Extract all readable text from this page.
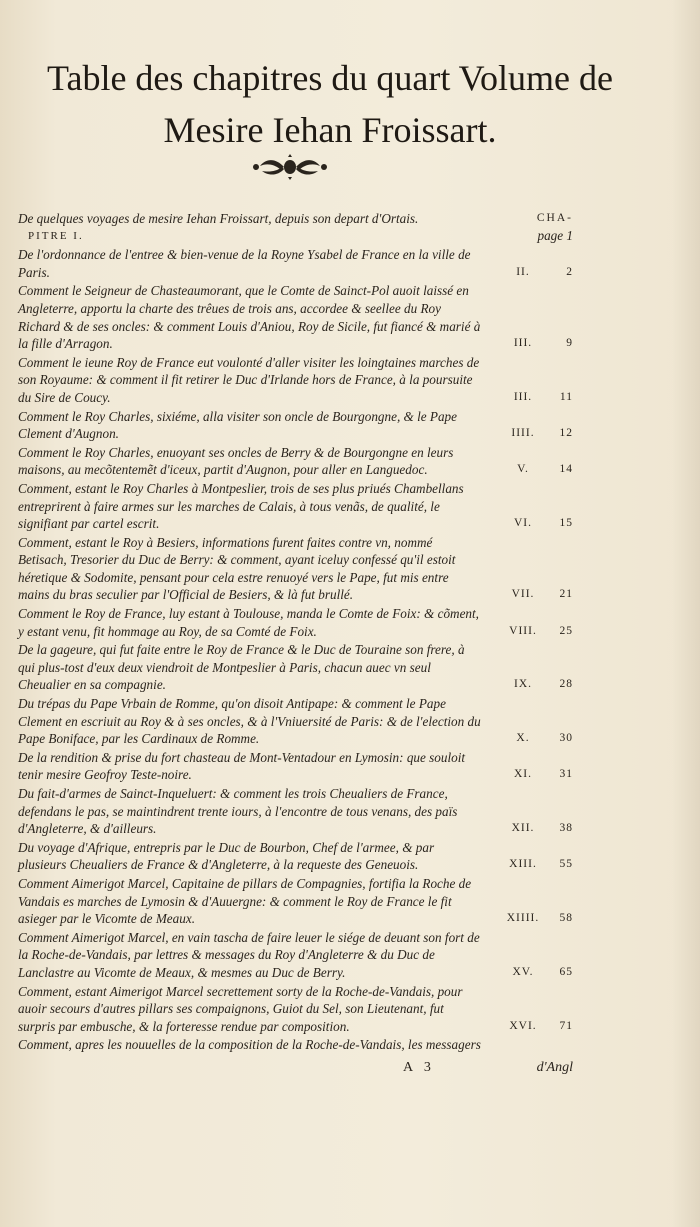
Table des chapitres du quart Volume de
Mesire Iehan Froissart.
De quelques voyages de mesire Iehan Froissart, depuis son depart d'Ortais.	CHA-
PITRE I.	page 1
De l'ordonnance de l'entree & bien-venue de la Royne Ysabel de France en la ville de Paris.	II.	2
Comment le Seigneur de Chasteaumorant, que le Comte de Sainct-Pol auoit laissé en Angleterre, apportu la charte des trêues de trois ans, accordee & seellee du Roy Richard & de ses oncles: & comment Louis d'Aniou, Roy de Sicile, fut fiancé & marié à la fille d'Arragon.	III.	9
Comment le ieune Roy de France eut voulonté d'aller visiter les loingtaines marches de son Royaume: & comment il fit retirer le Duc d'Irlande hors de France, à la poursuite du Sire de Coucy.	III. 11
Comment le Roy Charles, sixiéme, alla visiter son oncle de Bourgongne, & le Pape Clement d'Augnon.	IIII. 12
Comment le Roy Charles, enuoyant ses oncles de Berry & de Bourgongne en leurs maisons, au mecõtentemẽt d'iceux, partit d'Augnon, pour aller en Languedoc.	V.	14
Comment, estant le Roy Charles à Montpeslier, trois de ses plus priués Chambellans entreprirent à faire armes sur les marches de Calais, à tous venãs, de qualité, le signifiant par cartel escrit.	VI. 15
Comment, estant le Roy à Besiers, informations furent faites contre vn, nommé Betisach, Tresorier du Duc de Berry: & comment, ayant iceluy confessé qu'il estoit héretique & Sodomite, pensant pour cela estre renuoyé vers le Pape, fut mis entre mains du bras seculier par l'Official de Besiers, & là fut brullé.	VII. 21
Comment le Roy de France, luy estant à Toulouse, manda le Comte de Foix: & cõment, y estant venu, fit hommage au Roy, de sa Comté de Foix.	VIII. 25
De la gageure, qui fut faite entre le Roy de France & le Duc de Touraine son frere, à qui plus-tost d'eux deux viendroit de Montpeslier à Paris, chacun auec vn seul Cheualier en sa compagnie.	IX. 28
Du trépas du Pape Vrbain de Romme, qu'on disoit Antipape: & comment le Pape Clement en escriuit au Roy & à ses oncles, & à l'Vniuersité de Paris: & de l'election du Pape Boniface, par les Cardinaux de Romme.	X.	30
De la rendition & prise du fort chasteau de Mont-Ventadour en Lymosin: que souloit tenir mesire Geofroy Teste-noire.	XI. 31
Du fait-d'armes de Sainct-Inqueluert: & comment les trois Cheualiers de France, defendans le pas, se maintindrent trente iours, à l'encontre de tous venans, des païs d'Angleterre, & d'ailleurs.	XII. 38
Du voyage d'Afrique, entrepris par le Duc de Bourbon, Chef de l'armee, & par plusieurs Cheualiers de France & d'Angleterre, à la requeste des Geneuois.	XIII. 55
Comment Aimerigot Marcel, Capitaine de pillars de Compagnies, fortifia la Roche de Vandais es marches de Lymosin & d'Auuergne: & comment le Roy de France le fit asieger par le Vicomte de Meaux.	XIIII. 58
Comment Aimerigot Marcel, en vain tascha de faire leuer le siége de deuant son fort de la Roche-de-Vandais, par lettres & messages du Roy d'Angleterre & du Duc de Lanclastre au Vicomte de Meaux, & mesmes au Duc de Berry.	XV. 65
Comment, estant Aimerigot Marcel secrettement sorty de la Roche-de-Vandais, pour auoir secours d'autres pillars ses compaignons, Guiot du Sel, son Lieutenant, fut surpris par embusche, & la forteresse rendue par composition.	XVI. 71
Comment, apres les nouuelles de la composition de la Roche-de-Vandais, les messagers
A 3	d'Angl
